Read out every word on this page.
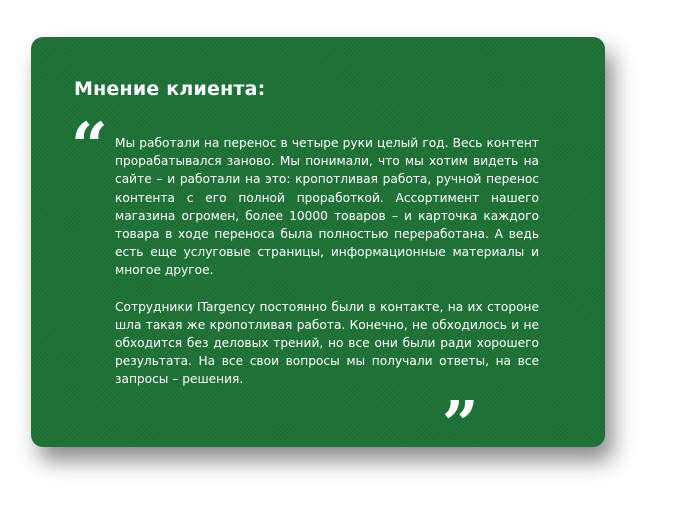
Мнение клиента:
“ Мы работали на перенос в четыре руки целый год. Весь контент прорабатывался заново. Мы понимали, что мы хотим видеть на сайте – и работали на это: кропотливая работа, ручной перенос контента с его полной проработкой. Ассортимент нашего магазина огромен, более 10000 товаров – и карточка каждого товара в ходе переноса была полностью переработана. А ведь есть еще услуговые страницы, информационные материалы и многое другое.

Сотрудники ITargency постоянно были в контакте, на их стороне шла такая же кропотливая работа. Конечно, не обходилось и не обходится без деловых трений, но все они были ради хорошего результата. На все свои вопросы мы получали ответы, на все запросы – решения.	„
